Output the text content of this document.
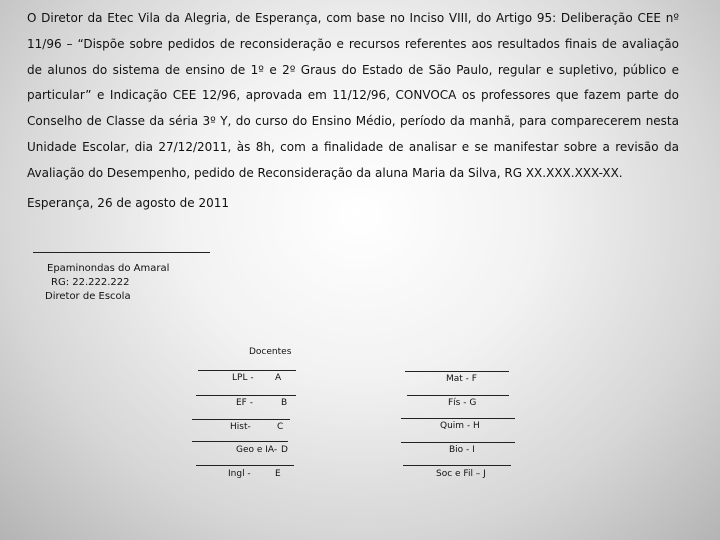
O Diretor da Etec Vila da Alegria, de Esperança, com base no Inciso VIII, do Artigo 95: Deliberação CEE nº 11/96 – “Dispõe sobre pedidos de reconsideração e recursos referentes aos resultados finais de avaliação de alunos do sistema de ensino de 1º e 2º Graus do Estado de São Paulo, regular e supletivo, público e particular” e Indicação CEE 12/96, aprovada em 11/12/96, CONVOCA os professores que fazem parte do Conselho de Classe da séria 3º Y, do curso do Ensino Médio, período da manhã, para comparecerem nesta Unidade Escolar, dia 27/12/2011, às 8h, com a finalidade de analisar e se manifestar sobre a revisão da Avaliação do Desempenho, pedido de Reconsideração da aluna Maria da Silva, RG XX.XXX.XXX-XX.
Esperança, 26 de agosto de 2011
Epaminondas do Amaral
RG: 22.222.222
Diretor de Escola
Docentes
LPL - A
EF -	B
Hist-	C
Geo e IA- D
Ingl -	E
Mat - F
Fís - G
Quim - H
Bio - I
Soc e Fil – J
